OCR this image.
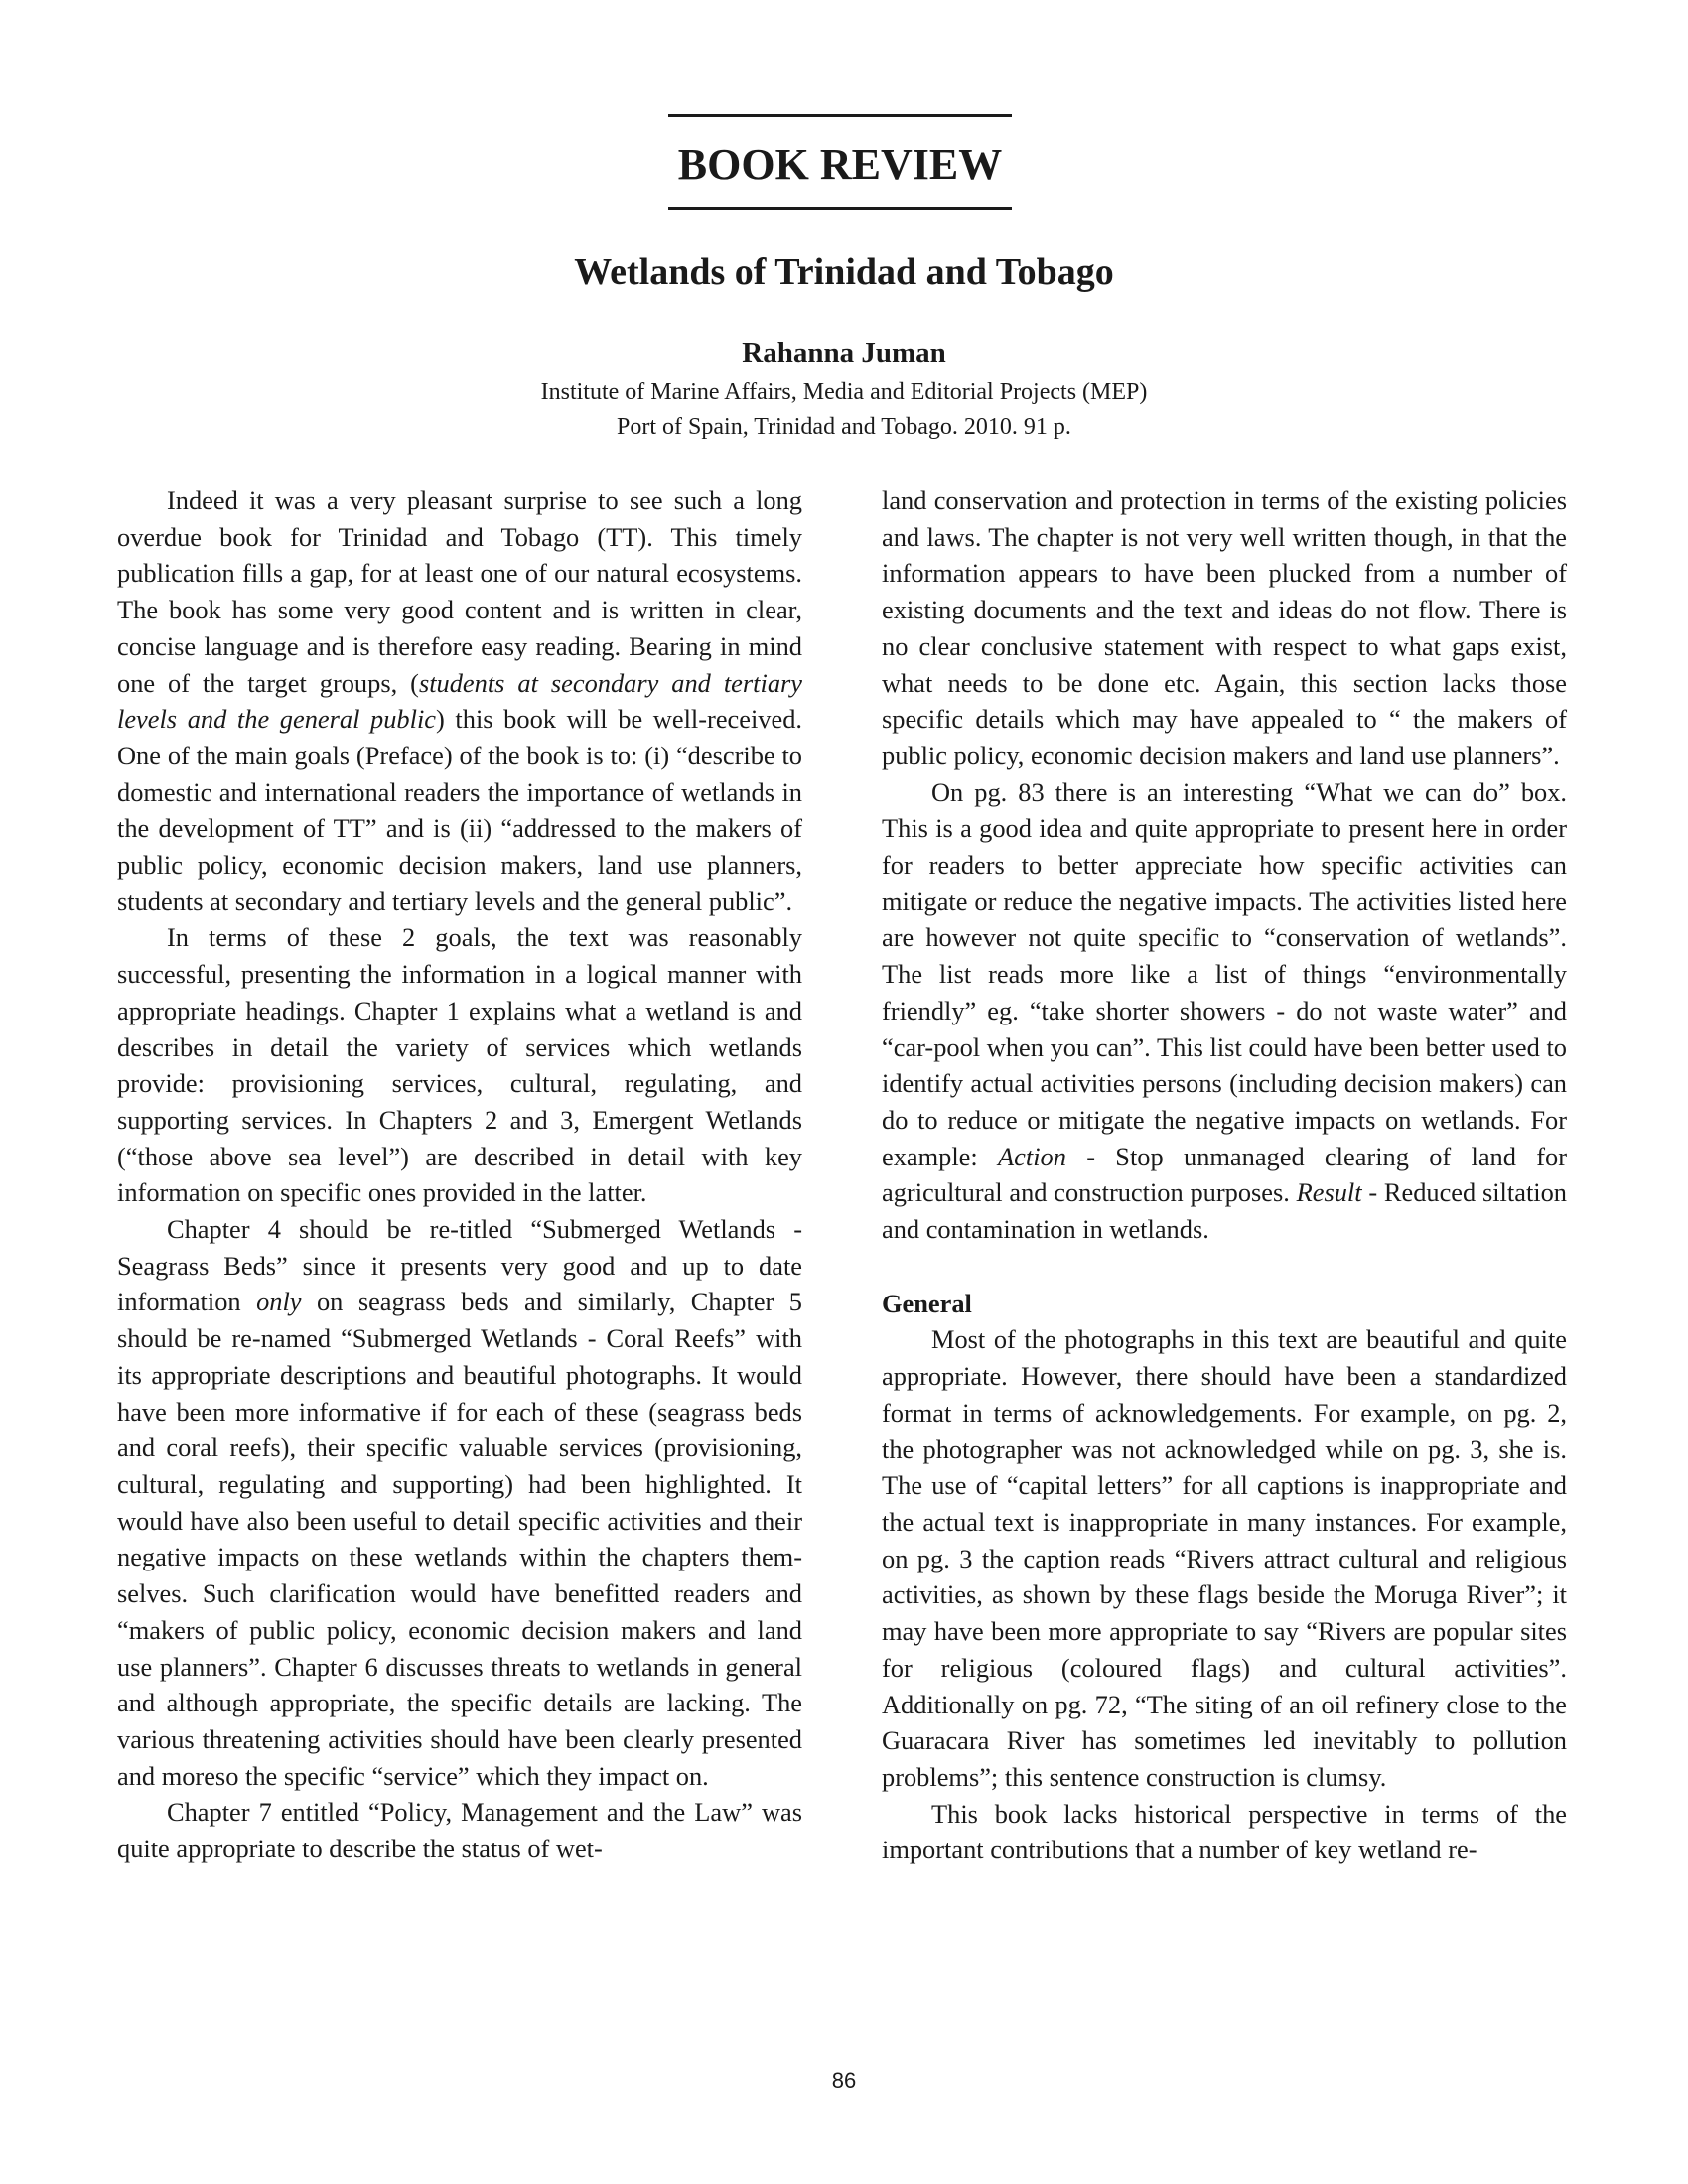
BOOK REVIEW
Wetlands of Trinidad and Tobago
Rahanna Juman
Institute of Marine Affairs, Media and Editorial Projects (MEP)
Port of Spain, Trinidad and Tobago. 2010. 91 p.

Indeed it was a very pleasant surprise to see such a long overdue book for Trinidad and Tobago (TT). This timely publication fills a gap, for at least one of our natural ecosystems. The book has some very good content and is written in clear, concise language and is therefore easy reading. Bearing in mind one of the target groups, (students at secondary and tertiary levels and the general public) this book will be well-received. One of the main goals (Preface) of the book is to: (i) “describe to domestic and international readers the importance of wetlands in the development of TT” and is (ii) “addressed to the makers of public policy, economic decision makers, land use planners, students at secondary and tertiary levels and the general public”.

In terms of these 2 goals, the text was reasonably successful, presenting the information in a logical manner with appropriate headings. Chapter 1 explains what a wetland is and describes in detail the variety of services which wetlands provide: provisioning services, cultural, regulating, and supporting services. In Chapters 2 and 3, Emergent Wetlands (“those above sea level”) are described in detail with key information on specific ones provided in the latter.

Chapter 4 should be re-titled “Submerged Wetlands - Seagrass Beds” since it presents very good and up to date information only on seagrass beds and similarly, Chapter 5 should be re-named “Submerged Wetlands - Coral Reefs” with its appropriate descriptions and beautiful photographs. It would have been more informative if for each of these (seagrass beds and coral reefs), their specific valuable services (provisioning, cultural, regulating and supporting) had been highlighted. It would have also been useful to detail specific activities and their negative impacts on these wetlands within the chapters themselves. Such clarification would have benefitted readers and “makers of public policy, economic decision makers and land use planners”. Chapter 6 discusses threats to wetlands in general and although appropriate, the specific details are lacking. The various threatening activities should have been clearly presented and moreso the specific “service” which they impact on.

Chapter 7 entitled “Policy, Management and the Law” was quite appropriate to describe the status of wet-

land conservation and protection in terms of the existing policies and laws. The chapter is not very well written though, in that the information appears to have been plucked from a number of existing documents and the text and ideas do not flow. There is no clear conclusive statement with respect to what gaps exist, what needs to be done etc. Again, this section lacks those specific details which may have appealed to “ the makers of public policy, economic decision makers and land use planners”.

On pg. 83 there is an interesting “What we can do” box. This is a good idea and quite appropriate to present here in order for readers to better appreciate how specific activities can mitigate or reduce the negative impacts. The activities listed here are however not quite specific to “conservation of wetlands”. The list reads more like a list of things “environmentally friendly” eg. “take shorter showers - do not waste water” and “car-pool when you can”. This list could have been better used to identify actual activities persons (including decision makers) can do to reduce or mitigate the negative impacts on wetlands. For example: Action - Stop unmanaged clearing of land for agricultural and construction purposes. Result - Reduced siltation and contamination in wetlands.

General

Most of the photographs in this text are beautiful and quite appropriate. However, there should have been a standardized format in terms of acknowledgements. For example, on pg. 2, the photographer was not acknowledged while on pg. 3, she is. The use of “capital letters” for all captions is inappropriate and the actual text is inappropriate in many instances. For example, on pg. 3 the caption reads “Rivers attract cultural and religious activities, as shown by these flags beside the Moruga River”; it may have been more appropriate to say “Rivers are popular sites for religious (coloured flags) and cultural activities”. Additionally on pg. 72, “The siting of an oil refinery close to the Guaracara River has sometimes led inevitably to pollution problems”; this sentence construction is clumsy.

This book lacks historical perspective in terms of the important contributions that a number of key wetland re-

86
